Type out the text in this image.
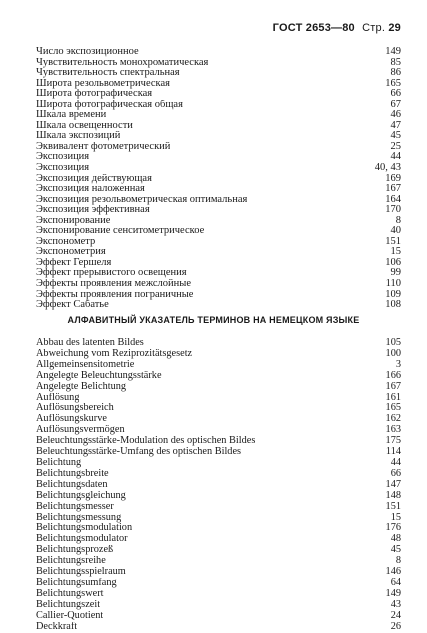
ГОСТ 2653—80 Стр. 29
Число экспозиционное	149
Чувствительность монохроматическая	85
Чувствительность спектральная	86
Широта резольвометрическая	165
Широта фотографическая	66
Широта фотографическая общая	67
Шкала времени	46
Шкала освещенности	47
Шкала экспозиций	45
Эквивалент фотометрический	25
Экспозиция	44
Экспозиция	40, 43
Экспозиция действующая	169
Экспозиция наложенная	167
Экспозиция резольвометрическая оптимальная	164
Экспозиция эффективная	170
Экспонирование	8
Экспонирование сенситометрическое	40
Экспонометр	151
Экспонометрия	15
Эффект Гершеля	106
Эффект прерывистого освещения	99
Эффекты проявления межслойные	110
Эффекты проявления пограничные	109
Эффект Сабатье	108
АЛФАВИТНЫЙ УКАЗАТЕЛЬ ТЕРМИНОВ НА НЕМЕЦКОМ ЯЗЫКЕ
Abbau des latenten Bildes	105
Abweichung vom Reziprozitätsgesetz	100
Allgemeinsensitometrie	3
Angelegte Beleuchtungsstärke	166
Angelegte Belichtung	167
Auflösung	161
Auflösungsbereich	165
Auflösungskurve	162
Auflösungsvermögen	163
Beleuchtungsstärke-Modulation des optischen Bildes	175
Beleuchtungsstärke-Umfang des optischen Bildes	114
Belichtung	44
Belichtungsbreite	66
Belichtungsdaten	147
Belichtungsgleichung	148
Belichtungsmesser	151
Belichtungsmessung	15
Belichtungsmodulation	176
Belichtungsmodulator	48
Belichtungsprozeß	45
Belichtungsreihe	8
Belichtungsspielraum	146
Belichtungsumfang	64
Belichtungswert	149
Belichtungszeit	43
Callier-Quotient	24
Deckkraft	26
